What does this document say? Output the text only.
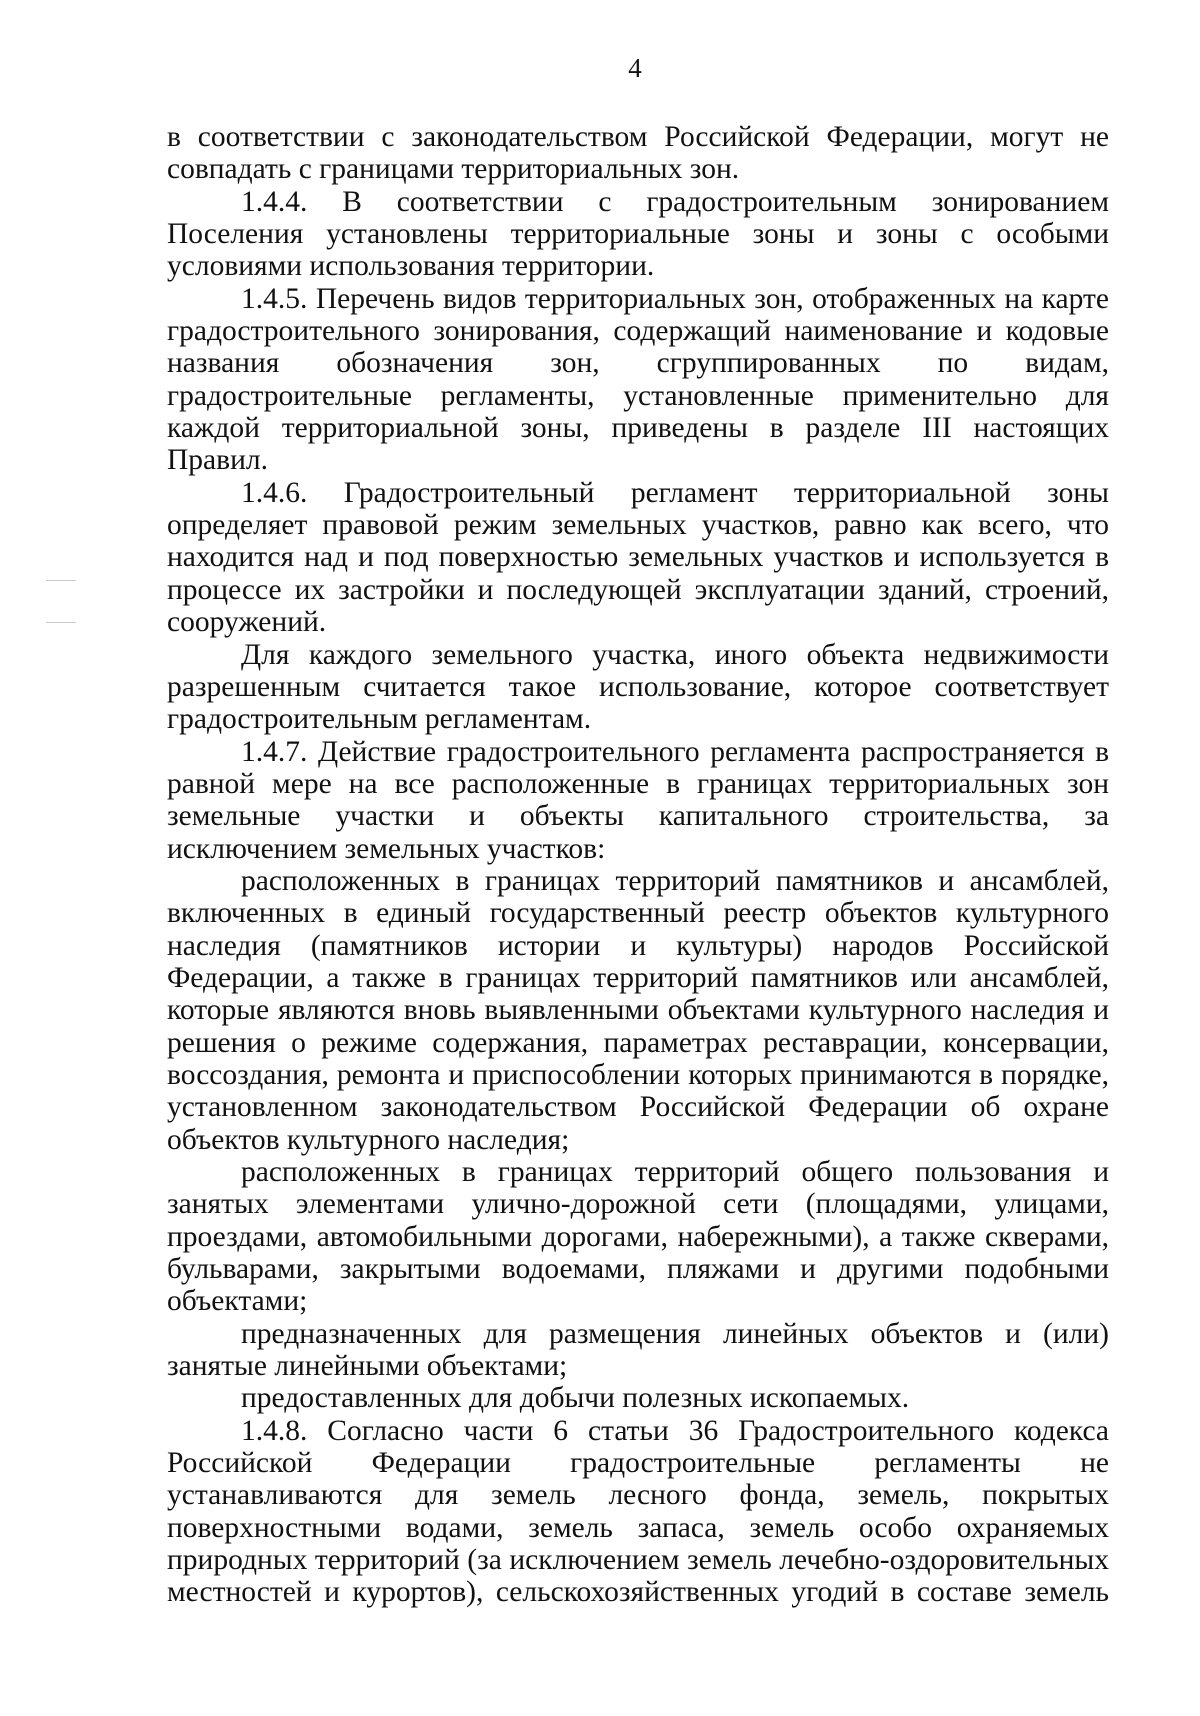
4

в соответствии с законодательством Российской Федерации, могут не совпадать с границами территориальных зон.

1.4.4. В соответствии с градостроительным зонированием Поселения установлены территориальные зоны и зоны с особыми условиями использования территории.

1.4.5. Перечень видов территориальных зон, отображенных на карте градостроительного зонирования, содержащий наименование и кодовые названия обозначения зон, сгруппированных по видам, градостроительные регламенты, установленные применительно для каждой территориальной зоны, приведены в разделе III настоящих Правил.

1.4.6. Градостроительный регламент территориальной зоны определяет правовой режим земельных участков, равно как всего, что находится над и под поверхностью земельных участков и используется в процессе их застройки и последующей эксплуатации зданий, строений, сооружений.

Для каждого земельного участка, иного объекта недвижимости разрешенным считается такое использование, которое соответствует градостроительным регламентам.

1.4.7. Действие градостроительного регламента распространяется в равной мере на все расположенные в границах территориальных зон земельные участки и объекты капитального строительства, за исключением земельных участков:

расположенных в границах территорий памятников и ансамблей, включенных в единый государственный реестр объектов культурного наследия (памятников истории и культуры) народов Российской Федерации, а также в границах территорий памятников или ансамблей, которые являются вновь выявленными объектами культурного наследия и решения о режиме содержания, параметрах реставрации, консервации, воссоздания, ремонта и приспособлении которых принимаются в порядке, установленном законодательством Российской Федерации об охране объектов культурного наследия;

расположенных в границах территорий общего пользования и занятых элементами улично-дорожной сети (площадями, улицами, проездами, автомобильными дорогами, набережными), а также скверами, бульварами, закрытыми водоемами, пляжами и другими подобными объектами;

предназначенных для размещения линейных объектов и (или) занятые линейными объектами;

предоставленных для добычи полезных ископаемых.

1.4.8. Согласно части 6 статьи 36 Градостроительного кодекса Российской Федерации градостроительные регламенты не устанавливаются для земель лесного фонда, земель, покрытых поверхностными водами, земель запаса, земель особо охраняемых природных территорий (за исключением земель лечебно-оздоровительных местностей и курортов), сельскохозяйственных угодий в составе земель
